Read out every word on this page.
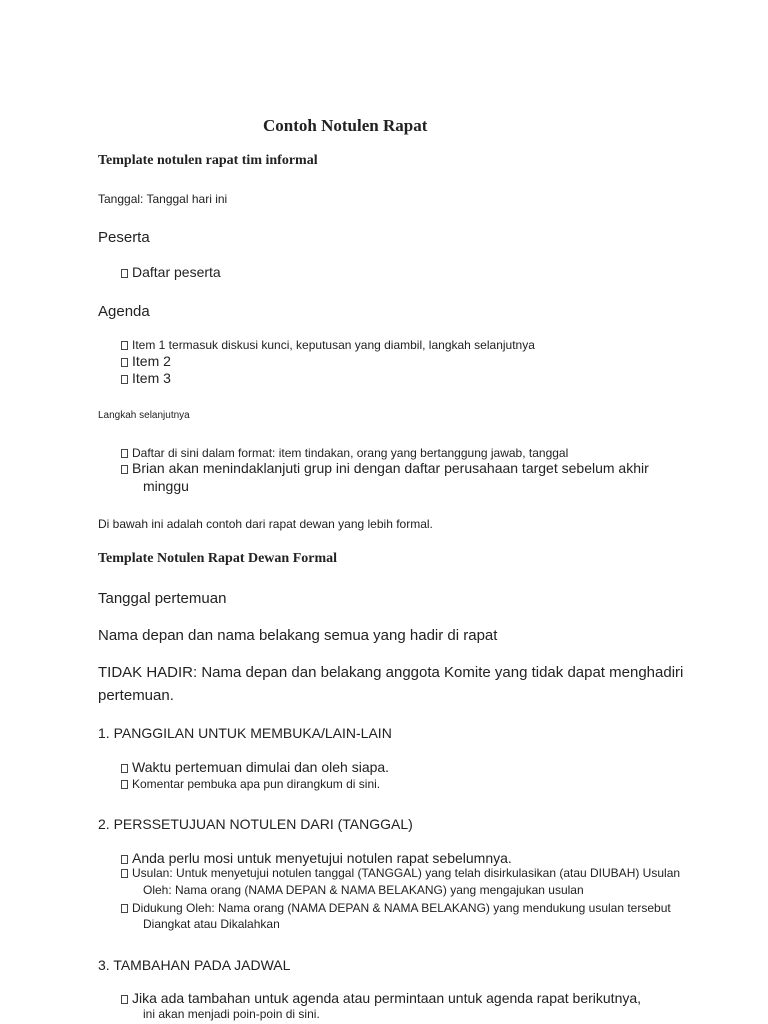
Contoh Notulen Rapat
Template notulen rapat tim informal
Tanggal: Tanggal hari ini
Peserta
Daftar peserta
Agenda
Item 1 termasuk diskusi kunci, keputusan yang diambil, langkah selanjutnya
Item 2
Item 3
Langkah selanjutnya
Daftar di sini dalam format: item tindakan, orang yang bertanggung jawab, tanggal
Brian akan menindaklanjuti grup ini dengan daftar perusahaan target sebelum akhir
minggu
Di bawah ini adalah contoh dari rapat dewan yang lebih formal.
Template Notulen Rapat Dewan Formal
Tanggal pertemuan
Nama depan dan nama belakang semua yang hadir di rapat
TIDAK HADIR: Nama depan dan belakang anggota Komite yang tidak dapat menghadiri
pertemuan.
1. PANGGILAN UNTUK MEMBUKA/LAIN-LAIN
Waktu pertemuan dimulai dan oleh siapa.
Komentar pembuka apa pun dirangkum di sini.
2. PERSSETUJUAN NOTULEN DARI (TANGGAL)
Anda perlu mosi untuk menyetujui notulen rapat sebelumnya.
Usulan: Untuk menyetujui notulen tanggal (TANGGAL) yang telah disirkulasikan (atau DIUBAH) Usulan
Oleh: Nama orang (NAMA DEPAN & NAMA BELAKANG) yang mengajukan usulan
Didukung Oleh: Nama orang (NAMA DEPAN & NAMA BELAKANG) yang mendukung usulan tersebut
Diangkat atau Dikalahkan
3. TAMBAHAN PADA JADWAL
Jika ada tambahan untuk agenda atau permintaan untuk agenda rapat berikutnya,
ini akan menjadi poin-poin di sini.
